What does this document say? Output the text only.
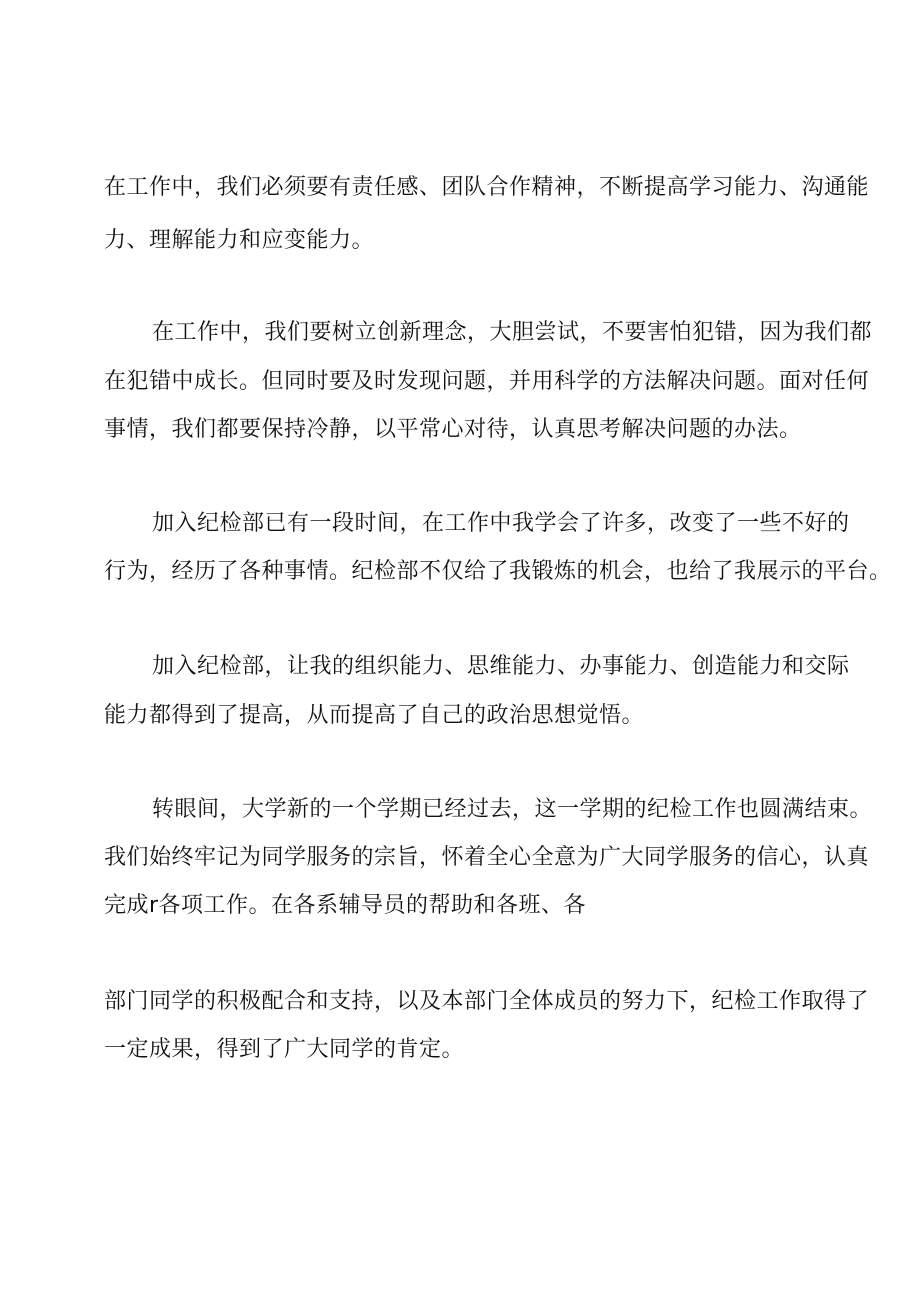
在工作中，我们必须要有责任感、团队合作精神，不断提高学习能力、沟通能
力、理解能力和应变能力。
在工作中，我们要树立创新理念，大胆尝试，不要害怕犯错，因为我们都
在犯错中成长。但同时要及时发现问题，并用科学的方法解决问题。面对任何
事情，我们都要保持冷静，以平常心对待，认真思考解决问题的办法。
加入纪检部已有一段时间，在工作中我学会了许多，改变了一些不好的
行为，经历了各种事情。纪检部不仅给了我锻炼的机会，也给了我展示的平台。
加入纪检部，让我的组织能力、思维能力、办事能力、创造能力和交际
能力都得到了提高，从而提高了自己的政治思想觉悟。
转眼间，大学新的一个学期已经过去，这一学期的纪检工作也圆满结束。
我们始终牢记为同学服务的宗旨，怀着全心全意为广大同学服务的信心，认真
完成r各项工作。在各系辅导员的帮助和各班、各
部门同学的积极配合和支持，以及本部门全体成员的努力下，纪检工作取得了
一定成果，得到了广大同学的肯定。
